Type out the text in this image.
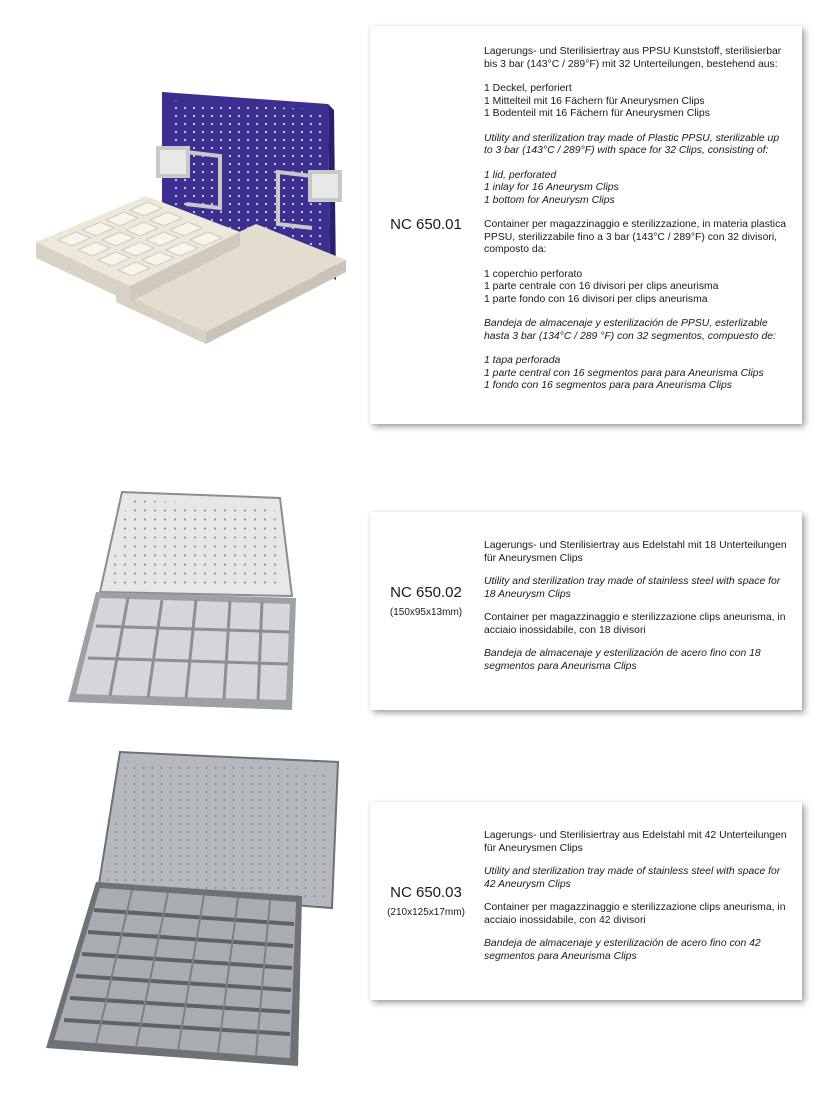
NC 650.01

Lagerungs- und Sterilisiertray aus PPSU Kunststoff, sterilisierbar
bis 3 bar (143°C / 289°F) mit 32 Unterteilungen, bestehend aus:

1 Deckel, perforiert
1 Mittelteil mit 16 Fächern für Aneurysmen Clips
1 Bodenteil mit 16 Fächern für Aneurysmen Clips

Utility and sterilization tray made of Plastic PPSU, sterilizable up
to 3 bar (143°C / 289°F) with space for 32 Clips, consisting of:

1 lid, perforated
1 inlay for 16 Aneurysm Clips
1 bottom for Aneurysm Clips

Container per magazzinaggio e sterilizzazione, in materia plastica
PPSU, sterilizzabile fino a 3 bar (143°C / 289°F) con 32 divisori,
composto da:

1 coperchio perforato
1 parte centrale con 16 divisori per clips aneurisma
1 parte fondo con 16 divisori per clips aneurisma

Bandeja de almacenaje y esterilización de PPSU, esterlizable
hasta 3 bar (134°C / 289 °F) con 32 segmentos, compuesto de:

1 tapa perforada
1 parte central con 16 segmentos para para Aneurisma Clips
1 fondo con 16 segmentos para para Aneurisma Clips

NC 650.02
(150x95x13mm)

Lagerungs- und Sterilisiertray aus Edelstahl mit 18 Unterteilungen
für Aneurysmen Clips

Utility and sterilization tray made of stainless steel with space for
18 Aneurysm Clips

Container per magazzinaggio e sterilizzazione clips aneurisma, in
acciaio inossidabile, con 18 divisori

Bandeja de almacenaje y esterilización de acero fino con 18
segmentos para Aneurisma Clips

NC 650.03
(210x125x17mm)

Lagerungs- und Sterilisiertray aus Edelstahl mit 42 Unterteilungen
für Aneurysmen Clips

Utility and sterilization tray made of stainless steel with space for
42 Aneurysm Clips

Container per magazzinaggio e sterilizzazione clips aneurisma, in
acciaio inossidabile, con 42 divisori

Bandeja de almacenaje y esterilización de acero fino con 42
segmentos para Aneurisma Clips
